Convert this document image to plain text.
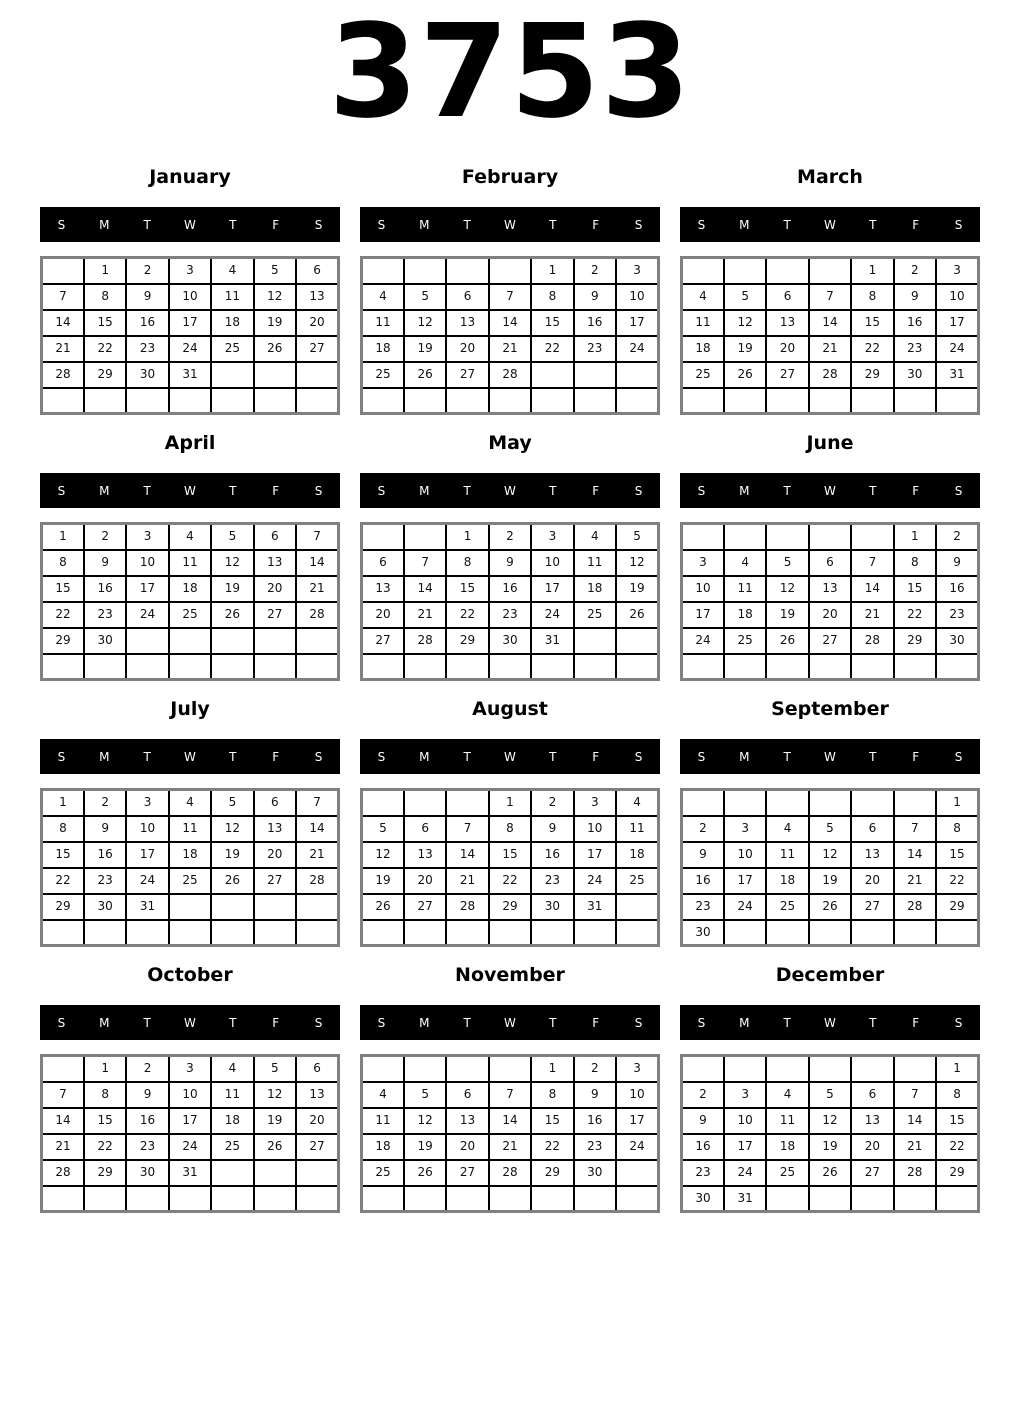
3753
January
S	M	T	W	T	F	S
	1	2	3	4	5	6
7	8	9	10	11	12	13
14	15	16	17	18	19	20
21	22	23	24	25	26	27
28	29	30	31			

February
S	M	T	W	T	F	S
				1	2	3
4	5	6	7	8	9	10
11	12	13	14	15	16	17
18	19	20	21	22	23	24
25	26	27	28			

March
S	M	T	W	T	F	S
				1	2	3
4	5	6	7	8	9	10
11	12	13	14	15	16	17
18	19	20	21	22	23	24
25	26	27	28	29	30	31

April
S	M	T	W	T	F	S
1	2	3	4	5	6	7
8	9	10	11	12	13	14
15	16	17	18	19	20	21
22	23	24	25	26	27	28
29	30					

May
S	M	T	W	T	F	S
		1	2	3	4	5
6	7	8	9	10	11	12
13	14	15	16	17	18	19
20	21	22	23	24	25	26
27	28	29	30	31		

June
S	M	T	W	T	F	S
					1	2
3	4	5	6	7	8	9
10	11	12	13	14	15	16
17	18	19	20	21	22	23
24	25	26	27	28	29	30

July
S	M	T	W	T	F	S
1	2	3	4	5	6	7
8	9	10	11	12	13	14
15	16	17	18	19	20	21
22	23	24	25	26	27	28
29	30	31				

August
S	M	T	W	T	F	S
			1	2	3	4
5	6	7	8	9	10	11
12	13	14	15	16	17	18
19	20	21	22	23	24	25
26	27	28	29	30	31	

September
S	M	T	W	T	F	S
						1
2	3	4	5	6	7	8
9	10	11	12	13	14	15
16	17	18	19	20	21	22
23	24	25	26	27	28	29
30						
October
S	M	T	W	T	F	S
	1	2	3	4	5	6
7	8	9	10	11	12	13
14	15	16	17	18	19	20
21	22	23	24	25	26	27
28	29	30	31			

November
S	M	T	W	T	F	S
				1	2	3
4	5	6	7	8	9	10
11	12	13	14	15	16	17
18	19	20	21	22	23	24
25	26	27	28	29	30	

December
S	M	T	W	T	F	S
						1
2	3	4	5	6	7	8
9	10	11	12	13	14	15
16	17	18	19	20	21	22
23	24	25	26	27	28	29
30	31					
